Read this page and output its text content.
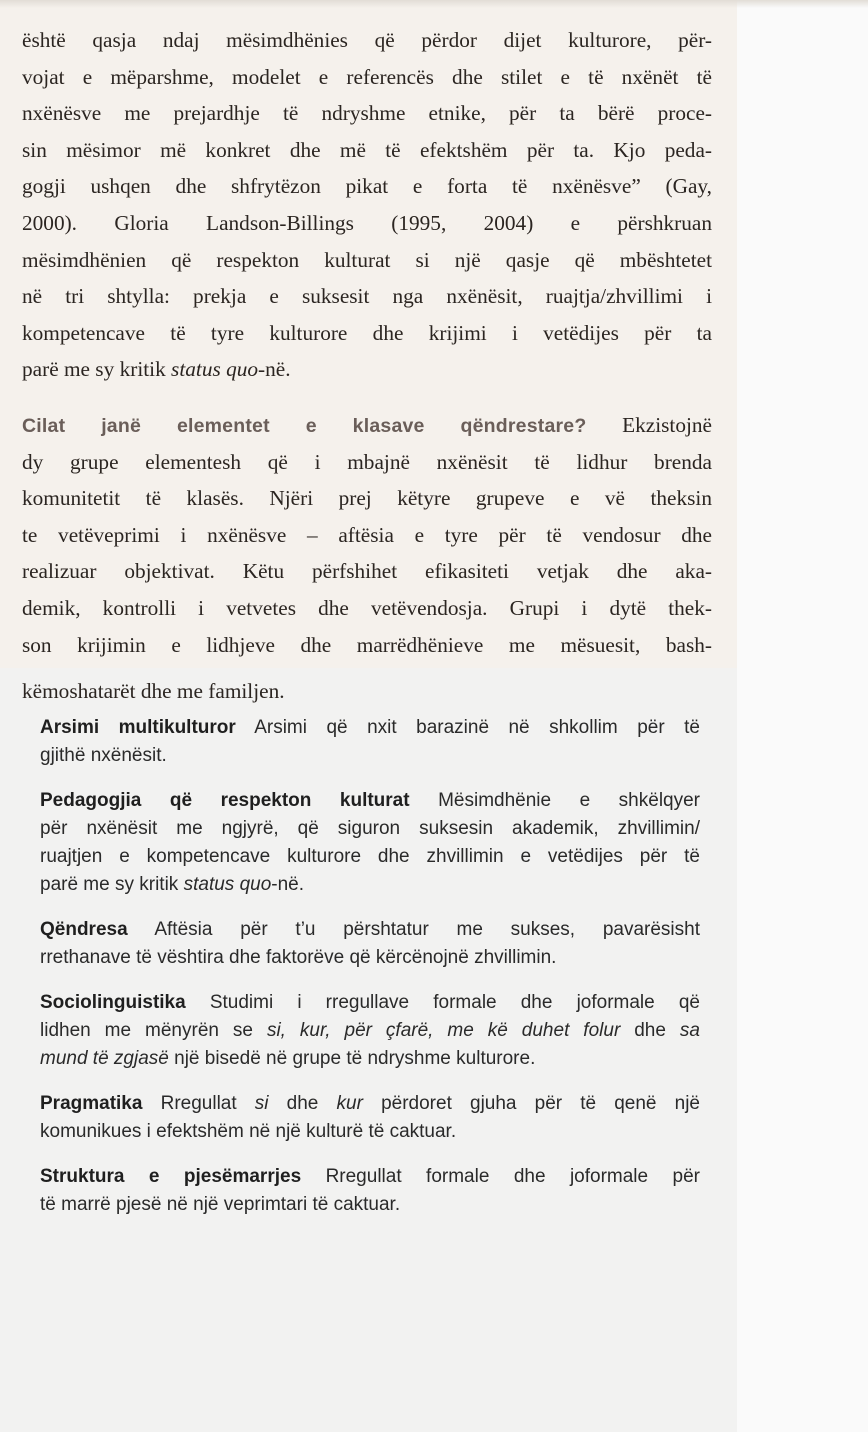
është qasja ndaj mësimdhënies që përdor dijet kulturore, për-
vojat e mëparshme, modelet e referencës dhe stilet e të nxënët të
nxënësve me prejardhje të ndryshme etnike, për ta bërë proce-
sin mësimor më konkret dhe më të efektshëm për ta. Kjo peda-
gogji ushqen dhe shfrytëzon pikat e forta të nxënësve” (Gay,
2000). Gloria Landson-Billings (1995, 2004) e përshkruan
mësimdhënien që respekton kulturat si një qasje që mbështetet
në tri shtylla: prekja e suksesit nga nxënësit, ruajtja/zhvillimi i
kompetencave të tyre kulturore dhe krijimi i vetëdijes për ta
parë me sy kritik status quo-në.
Cilat janë elementet e klasave qëndrestare? Ekzistojnë
dy grupe elementesh që i mbajnë nxënësit të lidhur brenda
komunitetit të klasës. Njëri prej këtyre grupeve e vë theksin
te vetëveprimi i nxënësve – aftësia e tyre për të vendosur dhe
realizuar objektivat. Këtu përfshihet efikasiteti vetjak dhe aka-
demik, kontrolli i vetvetes dhe vetëvendosja. Grupi i dytë thek-
son krijimin e lidhjeve dhe marrëdhënieve me mësuesit, bash-
këmoshatarët dhe me familjen.
Arsimi multikulturor Arsimi që nxit barazinë në shkollim për të
gjithë nxënësit.
Pedagogjia që respekton kulturat Mësimdhënie e shkëlqyer
për nxënësit me ngjyrë, që siguron suksesin akademik, zhvillimin/
ruajtjen e kompetencave kulturore dhe zhvillimin e vetëdijes për të
parë me sy kritik status quo-në.
Qëndresa Aftësia për t’u përshtatur me sukses, pavarësisht
rrethanave të vështira dhe faktorëve që kërcënojnë zhvillimin.
Sociolinguistika Studimi i rregullave formale dhe joformale që
lidhen me mënyrën se si, kur, për çfarë, me kë duhet folur dhe sa
mund të zgjasë një bisedë në grupe të ndryshme kulturore.
Pragmatika Rregullat si dhe kur përdoret gjuha për të qenë një
komunikues i efektshëm në një kulturë të caktuar.
Struktura e pjesëmarrjes Rregullat formale dhe joformale për
të marrë pjesë në një veprimtari të caktuar.
